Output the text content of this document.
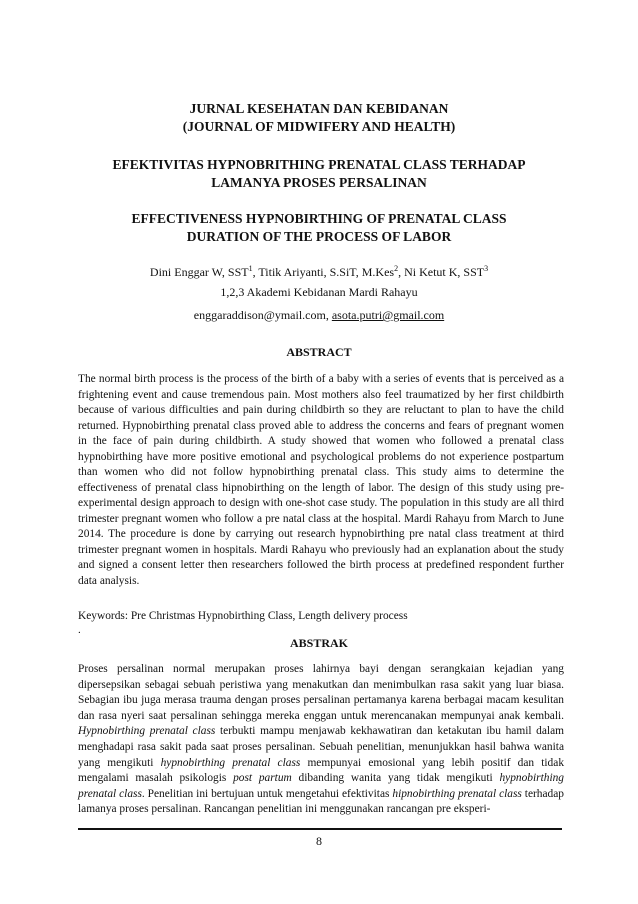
JURNAL KESEHATAN DAN KEBIDANAN
(JOURNAL OF MIDWIFERY AND HEALTH)
EFEKTIVITAS HYPNOBRITHING PRENATAL CLASS TERHADAP
LAMANYA PROSES PERSALINAN
EFFECTIVENESS HYPNOBIRTHING OF PRENATAL CLASS
DURATION OF THE PROCESS OF LABOR
Dini Enggar W, SST$^1$, Titik Ariyanti, S.SiT, M.Kes$^2$, Ni Ketut K, SST$^3$
1,2,3 Akademi Kebidanan Mardi Rahayu
enggaraddison@ymail.com, asota.putri@gmail.com
ABSTRACT

The normal birth process is the process of the birth of a baby with a series of events that is perceived as a frightening event and cause tremendous pain. Most mothers also feel traumatized by her first childbirth because of various difficulties and pain during childbirth so they are reluctant to plan to have the child returned. Hypnobirthing prenatal class proved able to address the concerns and fears of pregnant women in the face of pain during childbirth. A study showed that women who followed a prenatal class hypnobirthing have more positive emotional and psychological problems do not experience postpartum than women who did not follow hypnobirthing prenatal class. This study aims to determine the effectiveness of prenatal class hipnobirthing on the length of labor. The design of this study using pre-experimental design approach to design with one-shot case study. The population in this study are all third trimester pregnant women who follow a pre natal class at the hospital. Mardi Rahayu from March to June 2014. The procedure is done by carrying out research hypnobirthing pre natal class treatment at third trimester pregnant women in hospitals. Mardi Rahayu who previously had an explanation about the study and signed a consent letter then researchers followed the birth process at predefined respondent further data analysis.

Keywords: Pre Christmas Hypnobirthing Class, Length delivery process
.
ABSTRAK

Proses persalinan normal merupakan proses lahirnya bayi dengan serangkaian kejadian yang dipersepsikan sebagai sebuah peristiwa yang menakutkan dan menimbulkan rasa sakit yang luar biasa. Sebagian ibu juga merasa trauma dengan proses persalinan pertamanya karena berbagai macam kesulitan dan rasa nyeri saat persalinan sehingga mereka enggan untuk merencanakan mempunyai anak kembali. Hypnobirthing prenatal class terbukti mampu menjawab kekhawatiran dan ketakutan ibu hamil dalam menghadapi rasa sakit pada saat proses persalinan. Sebuah penelitian, menunjukkan hasil bahwa wanita yang mengikuti hypnobirthing prenatal class mempunyai emosional yang lebih positif dan tidak mengalami masalah psikologis post partum dibanding wanita yang tidak mengikuti hypnobirthing prenatal class. Penelitian ini bertujuan untuk mengetahui efektivitas hipnobirthing prenatal class terhadap lamanya proses persalinan. Rancangan penelitian ini menggunakan rancangan pre eksperi-

8
